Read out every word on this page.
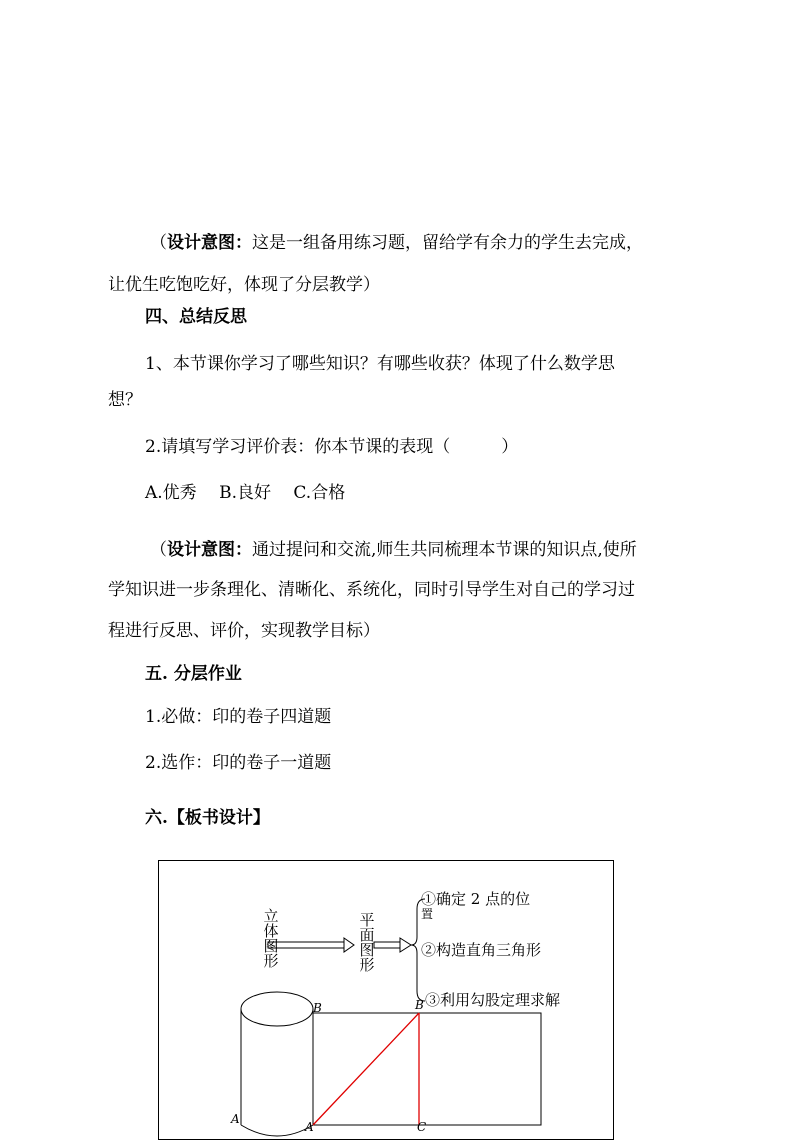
（设计意图：这是一组备用练习题，留给学有余力的学生去完成，
让优生吃饱吃好，体现了分层教学）
四、总结反思
1、本节课你学习了哪些知识？有哪些收获？体现了什么数学思
想？
2.请填写学习评价表：你本节课的表现（　　　）
A.优秀　 B.良好　 C.合格
（设计意图：通过提问和交流,师生共同梳理本节课的知识点,使所
学知识进一步条理化、清晰化、系统化，同时引导学生对自己的学习过
程进行反思、评价，实现教学目标）
五. 分层作业
1.必做：印的卷子四道题
2.选作：印的卷子一道题
六.【板书设计】
立
体
图
形
平
面
图
形
①确定 2 点的位
置
②构造直角三角形
③利用勾股定理求解
B	B
A
A	C
